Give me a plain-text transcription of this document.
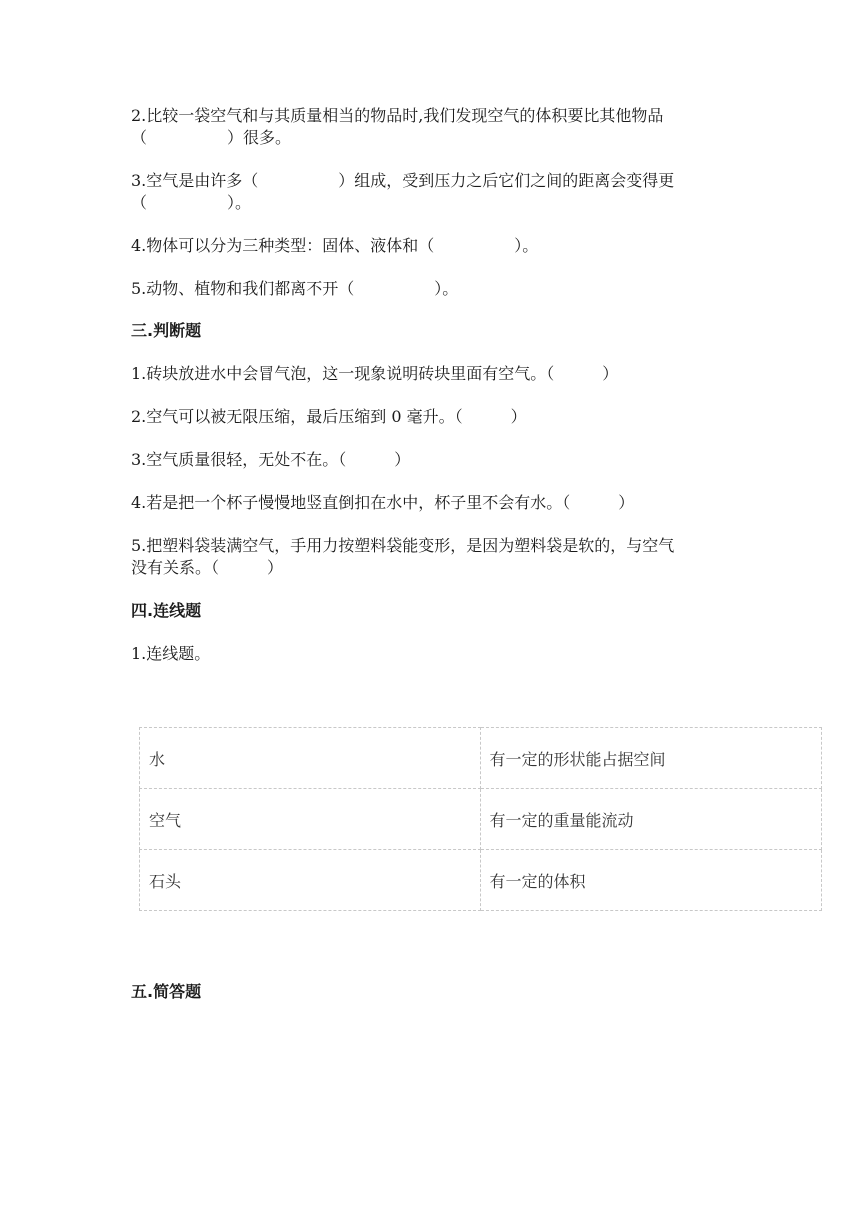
2.比较一袋空气和与其质量相当的物品时,我们发现空气的体积要比其他物品

（　　　　　）很多。

3.空气是由许多（　　　　　）组成，受到压力之后它们之间的距离会变得更

（　　　　　）。

4.物体可以分为三种类型：固体、液体和（　　　　　）。

5.动物、植物和我们都离不开（　　　　　）。

三.判断题

1.砖块放进水中会冒气泡，这一现象说明砖块里面有空气。（　　　）

2.空气可以被无限压缩，最后压缩到 0 毫升。（　　　）

3.空气质量很轻，无处不在。（　　　）

4.若是把一个杯子慢慢地竖直倒扣在水中，杯子里不会有水。（　　　）

5.把塑料袋装满空气，手用力按塑料袋能变形，是因为塑料袋是软的，与空气

没有关系。（　　　）

四.连线题

1.连线题。

水	有一定的形状能占据空间
空气	有一定的重量能流动
石头	有一定的体积
五.简答题
